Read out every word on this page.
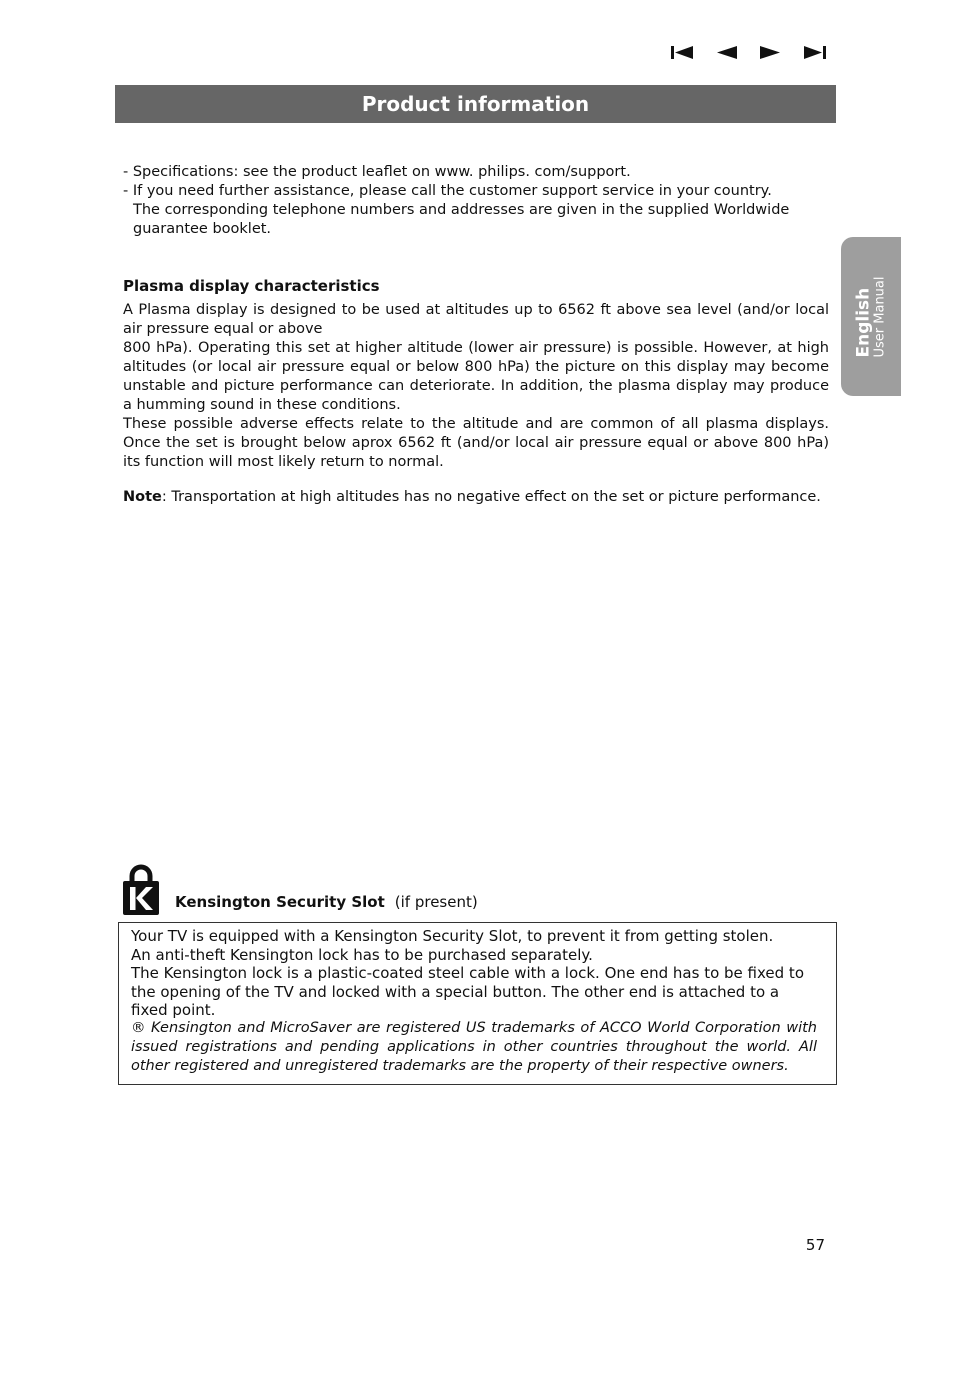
Product information
English User Manual

- Specifications: see the product leaflet on www. philips. com/support.

- If you need further assistance, please call the customer support service in your country.

The corresponding telephone numbers and addresses are given in the supplied Worldwide guarantee booklet.

Plasma display characteristics

A Plasma display is designed to be used at altitudes up to 6562 ft above sea level (and/or local air pressure equal or above

800 hPa). Operating this set at higher altitude (lower air pressure) is possible. However, at high altitudes (or local air pressure equal or below 800 hPa) the picture on this display may become unstable and picture performance can deteriorate. In addition, the plasma display may produce a humming sound in these conditions.

These possible adverse effects relate to the altitude and are common of all plasma displays. Once the set is brought below aprox 6562 ft (and/or local air pressure equal or above 800 hPa) its function will most likely return to normal.

Note: Transportation at high altitudes has no negative effect on the set or picture performance.
Kensington Security Slot (if present)

Your TV is equipped with a Kensington Security Slot, to prevent it from getting stolen.

An anti-theft Kensington lock has to be purchased separately.

The Kensington lock is a plastic-coated steel cable with a lock. One end has to be fixed to the opening of the TV and locked with a special button. The other end is attached to a fixed point.

® Kensington and MicroSaver are registered US trademarks of ACCO World Corporation with issued registrations and pending applications in other countries throughout the world. All other registered and unregistered trademarks are the property of their respective owners.
57
